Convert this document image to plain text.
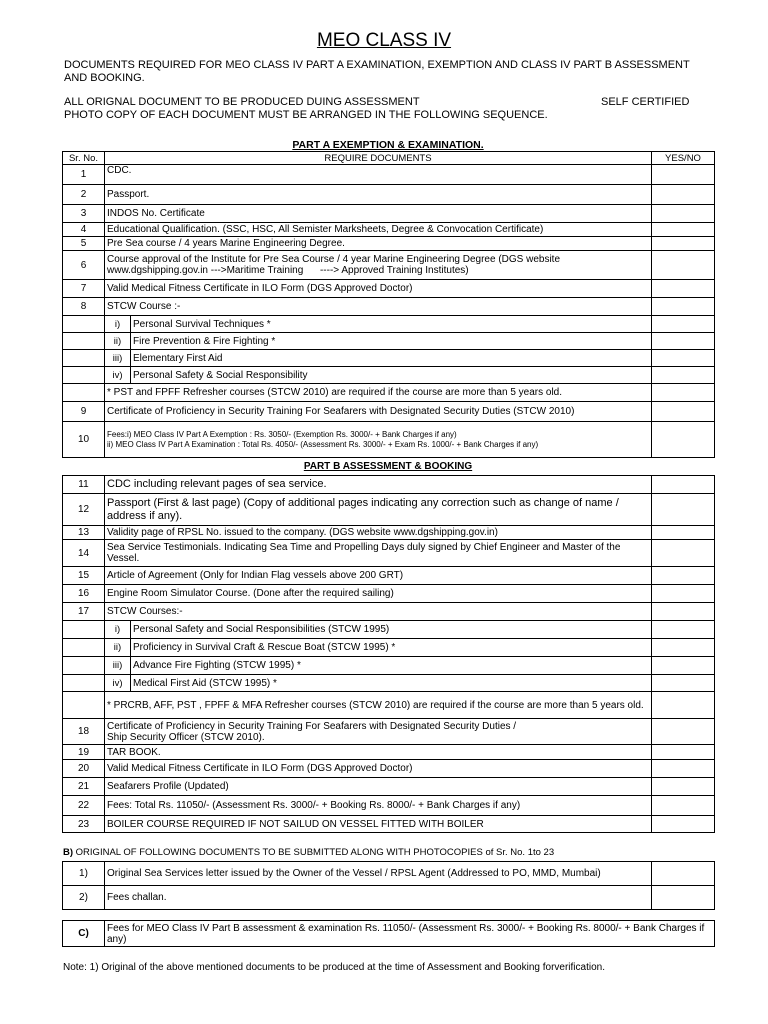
MEO CLASS IV
DOCUMENTS REQUIRED FOR MEO CLASS IV PART A EXAMINATION, EXEMPTION AND CLASS IV PART B ASSESSMENT AND BOOKING.
ALL ORIGNAL DOCUMENT TO BE PRODUCED DUING ASSESSMENT	SELF CERTIFIED
PHOTO COPY OF EACH DOCUMENT MUST BE ARRANGED IN THE FOLLOWING SEQUENCE.
PART A EXEMPTION & EXAMINATION.
Sr. No.	REQUIRE DOCUMENTS		YES/NO
1	CDC.		
2	Passport.		
3	INDOS No. Certificate		
4	Educational Qualification. (SSC, HSC, All Semister Marksheets, Degree & Convocation Certificate)		
5	Pre Sea course / 4 years Marine Engineering Degree.		
6	Course approval of the Institute for Pre Sea Course / 4 year Marine Engineering Degree (DGS website
www.dgshipping.gov.in --->Maritime Training      ----> Approved Training Institutes)		

7	Valid Medical Fitness Certificate in ILO Form (DGS Approved Doctor)		
8	STCW Course :-		
	i)	Personal Survival Techniques *	
	ii)	Fire Prevention & Fire Fighting *	
	iii)	Elementary First Aid	
	iv)	Personal Safety & Social Responsibility	
	* PST and FPFF Refresher courses (STCW 2010) are required if the course are more than 5 years old.		
9	Certificate of Proficiency in Security Training For Seafarers with Designated Security Duties (STCW 2010)		
10	Fees:i) MEO Class IV Part A Exemption : Rs. 3050/- (Exemption Rs. 3000/- + Bank Charges if any)
ii) MEO Class IV Part A Examination : Total Rs. 4050/- (Assessment Rs. 3000/- + Exam Rs. 1000/- + Bank Charges if any)		

PART B ASSESSMENT & BOOKING
11	CDC including relevant pages of sea service.		
12	Passport (First & last page) (Copy of additional pages indicating any correction such as change of name / address if any).		
13	Validity page of RPSL No. issued to the company. (DGS website www.dgshipping.gov.in)		
14	Sea Service Testimonials. Indicating Sea Time and Propelling Days duly signed by Chief Engineer and Master of the Vessel.		
15	Article of Agreement (Only for Indian Flag vessels above 200 GRT)		
16	Engine Room Simulator Course. (Done after the required sailing)		
17	STCW Courses:-		
	i)	Personal Safety and Social Responsibilities (STCW 1995)	
	ii)	Proficiency in Survival Craft & Rescue Boat (STCW 1995) *	
	iii)	Advance Fire Fighting (STCW 1995) *	
	iv)	Medical First Aid (STCW 1995) *	
	* PRCRB, AFF, PST , FPFF & MFA Refresher courses (STCW 2010) are required if the course are more than 5 years old.		
18	Certificate of Proficiency in Security Training For Seafarers with Designated Security Duties /
Ship Security Officer (STCW 2010).		

19	TAR BOOK.		
20	Valid Medical Fitness Certificate in ILO Form (DGS Approved Doctor)		
21	Seafarers Profile (Updated)		
22	Fees: Total Rs. 11050/- (Assessment Rs. 3000/- + Booking Rs. 8000/- + Bank Charges if any)		
23	BOILER COURSE REQUIRED IF NOT SAILUD ON VESSEL FITTED WITH BOILER		
B) ORIGINAL OF FOLLOWING DOCUMENTS TO BE SUBMITTED ALONG WITH PHOTOCOPIES of Sr. No. 1to 23
1)	Original Sea Services letter issued by the Owner of the Vessel / RPSL Agent (Addressed to PO, MMD, Mumbai)	
2)	Fees challan.	
C)	Fees for MEO Class IV Part B assessment & examination Rs. 11050/- (Assessment Rs. 3000/- + Booking Rs. 8000/- + Bank Charges if any)
Note: 1) Original of the above mentioned documents to be produced at the time of Assessment and Booking forverification.
